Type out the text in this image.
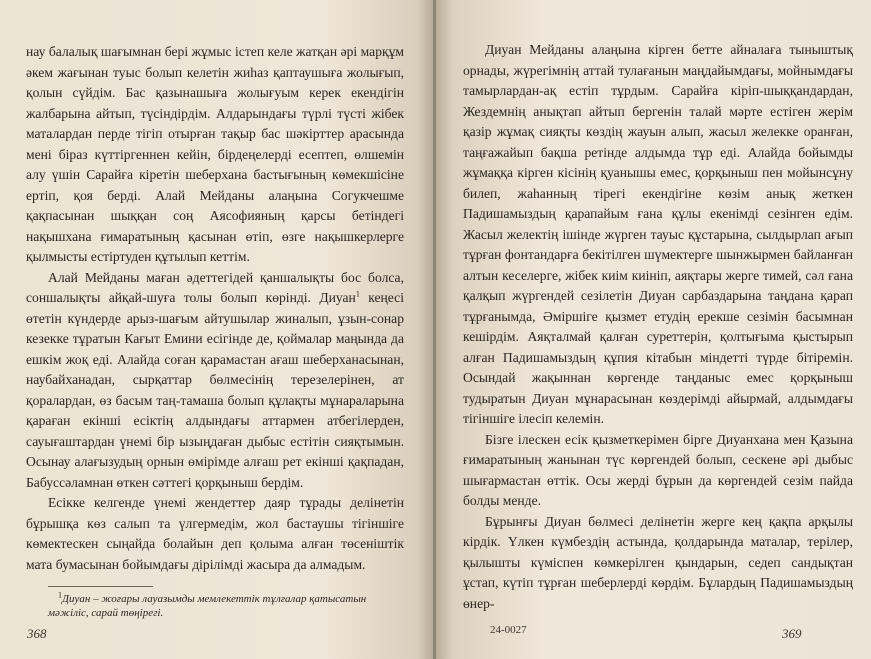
нау балалық шағымнан бері жұмыс істеп келе жатқан әрі марқұм әкем жағынан туыс болып келетін жиhаз қаптаушыға жолығып, қолын сүйдім. Бас қазынашыға жолығуым керек екендігін жалбарына айтып, түсіндірдім. Алдарындағы түрлі түсті жібек маталардан перде тігіп отырған тақыр бас шәкірттер арасында мені біраз күттіргеннен кейін, бірдеңелерді есептеп, өлшемін алу үшін Сарайға кіретін шеберхана бастығының көмекшісіне ертіп, қоя берді. Алай Мейданы алаңына Согукчешме қақпасынан шыққан соң Аясофияның қарсы бетіндегі нақышхана ғимаратының қасынан өтіп, өзге нақышкерлерге қылмысты естіртуден құтылып кеттім.

Алай Мейданы маған әдеттегідей қаншалықты бос болса, соншалықты айқай-шуға толы болып көрінді. Диуан$^1$ кеңесі өтетін күндерде арыз-шағым айтушылар жиналып, ұзын-сонар кезекке тұратын Кағыт Емини есігінде де, қоймалар маңында да ешкім жоқ еді. Алайда соған қарамастан ағаш шеберханасынан, наубайханадан, сырқаттар бөлмесінің терезелерінен, ат қоралардан, өз басым таң-тамаша болып құлақты мұнараларына қараған екінші есіктің алдындағы аттармен атбегілерден, сауығаштардан үнемі бір ызыңдаған дыбыс естітін сияқтымын. Осынау алағызудың орнын өмірімде алғаш рет екінші қақпадан, Бабуссәламнан өткен сәттегі қорқыныш бердім.

Есікке келгенде үнемі жендеттер даяр тұрады делінетін бұрышқа көз салып та үлгермедім, жол бастаушы тігіншіге көмектескен сыңайда болайын деп қолыма алған төсеніштік мата бумасынан бойымдағы дірілімді жасыра да алмадым.

$^1$Диуан – жоғары лауазымды мемлекеттік тұлғалар қатысатын мәжіліс, сарай төңірегі.
368

Диуан Мейданы алаңына кірген бетте айналаға тыныштық орнады, жүрегімнің аттай тулағанын маңдайымдағы, мойнымдағы тамырлардан-ақ естіп тұрдым. Сарайға кіріп-шыққандардан, Жездемнің анықтап айтып бергенін талай мәрте естіген жерім қазір жұмақ сияқты көздің жауын алып, жасыл желекке оранған, таңғажайып бақша ретінде алдымда тұр еді. Алайда бойымды жұмаққа кірген кісінің қуанышы емес, қорқыныш пен мойынсұну билеп, жаһанның тірегі екендігіне көзім анық жеткен Падишамыздың қарапайым ғана құлы екенімді сезінген едім. Жасыл желектің ішінде жүрген тауыс құстарына, сылдырлап ағып тұрған фонтандарға бекітілген шүмектерге шынжырмен байланған алтын кеселерге, жібек киім киініп, аяқтары жерге тимей, сәл ғана қалқып жүргендей сезілетін Диуан сарбаздарына таңдана қарап тұрғанымда, Әміршіге қызмет етудің ерекше сезімін басымнан кешірдім. Аяқталмай қалған суреттерін, қолтығыма қыстырып алған Падишамыздың құпия кітабын міндетті түрде бітіремін. Осындай жақыннан көргенде таңданыс емес қорқыныш тудыратын Диуан мұнарасынан көздерімді айырмай, алдымдағы тігіншіге ілесіп келемін.

Бізге ілескен есік қызметкерімен бірге Диуанхана мен Қазына ғимаратының жанынан түс көргендей болып, сескене әрі дыбыс шығармастан өттік. Осы жерді бұрын да көргендей сезім пайда болды менде.

Бұрынғы Диуан бөлмесі делінетін жерге кең қақпа арқылы кірдік. Үлкен күмбездің астында, қолдарында маталар, терілер, қылышты күміспен көмкерілген қындарын, седеп сандықтан ұстап, күтіп тұрған шеберлерді көрдім. Бұлардың Падишамыздың өнер-

24-0027	369
